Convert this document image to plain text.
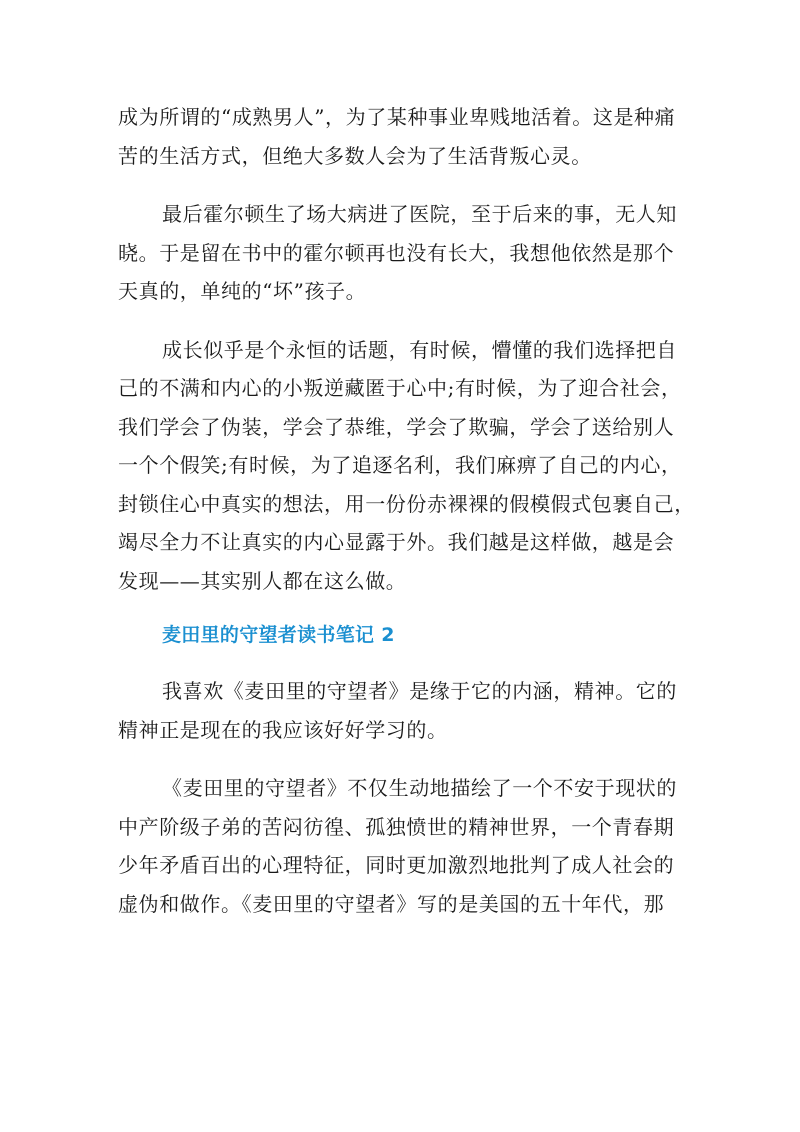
成为所谓的“成熟男人”，为了某种事业卑贱地活着。这是种痛
苦的生活方式，但绝大多数人会为了生活背叛心灵。

最后霍尔顿生了场大病进了医院，至于后来的事，无人知
晓。于是留在书中的霍尔顿再也没有长大，我想他依然是那个
天真的，单纯的“坏”孩子。

成长似乎是个永恒的话题，有时候，懵懂的我们选择把自
己的不满和内心的小叛逆藏匿于心中;有时候，为了迎合社会，
我们学会了伪装，学会了恭维，学会了欺骗，学会了送给别人
一个个假笑;有时候，为了追逐名利，我们麻痹了自己的内心，
封锁住心中真实的想法，用一份份赤裸裸的假模假式包裹自己，
竭尽全力不让真实的内心显露于外。我们越是这样做，越是会
发现——其实别人都在这么做。

麦田里的守望者读书笔记 2

我喜欢《麦田里的守望者》是缘于它的内涵，精神。它的
精神正是现在的我应该好好学习的。

《麦田里的守望者》不仅生动地描绘了一个不安于现状的
中产阶级子弟的苦闷彷徨、孤独愤世的精神世界，一个青春期
少年矛盾百出的心理特征，同时更加激烈地批判了成人社会的
虚伪和做作。《麦田里的守望者》写的是美国的五十年代，那
